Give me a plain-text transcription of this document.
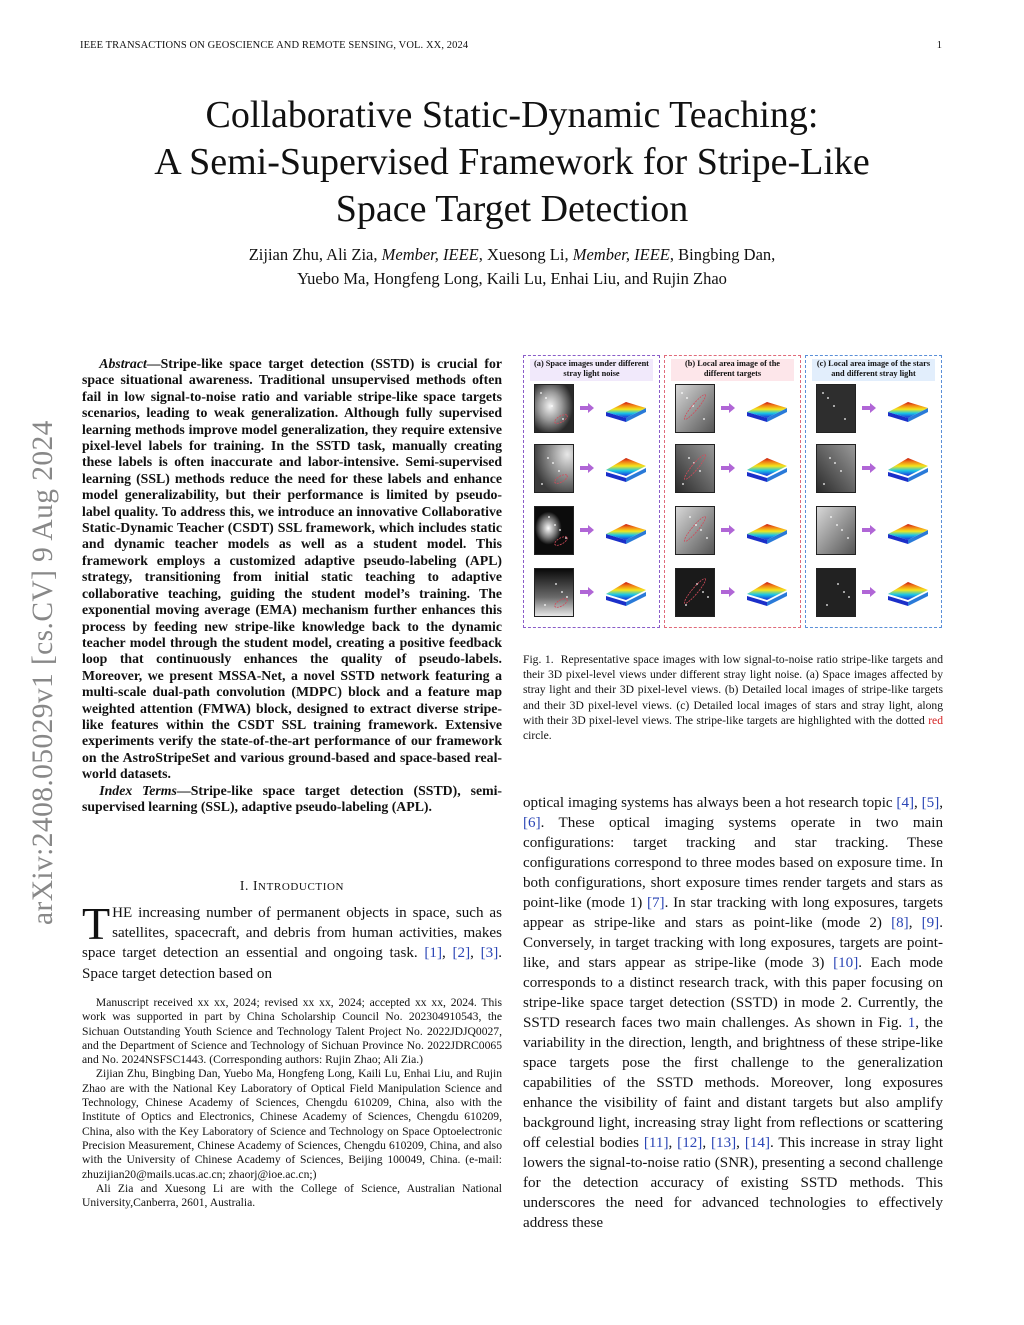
IEEE TRANSACTIONS ON GEOSCIENCE AND REMOTE SENSING, VOL. XX, 2024	1
Collaborative Static-Dynamic Teaching:
A Semi-Supervised Framework for Stripe-Like
Space Target Detection
Zijian Zhu, Ali Zia, Member, IEEE, Xuesong Li, Member, IEEE, Bingbing Dan,
Yuebo Ma, Hongfeng Long, Kaili Lu, Enhai Liu, and Rujin Zhao
arXiv:2408.05029v1 [cs.CV] 9 Aug 2024

Abstract—Stripe-like space target detection (SSTD) is crucial for space situational awareness. Traditional unsupervised methods often fail in low signal-to-noise ratio and variable stripe-like space targets scenarios, leading to weak generalization. Although fully supervised learning methods improve model generalization, they require extensive pixel-level labels for training. In the SSTD task, manually creating these labels is often inaccurate and labor-intensive. Semi-supervised learning (SSL) methods reduce the need for these labels and enhance model generalizability, but their performance is limited by pseudo-label quality. To address this, we introduce an innovative Collaborative Static-Dynamic Teacher (CSDT) SSL framework, which includes static and dynamic teacher models as well as a student model. This framework employs a customized adaptive pseudo-labeling (APL) strategy, transitioning from initial static teaching to adaptive collaborative teaching, guiding the student model’s training. The exponential moving average (EMA) mechanism further enhances this process by feeding new stripe-like knowledge back to the dynamic teacher model through the student model, creating a positive feedback loop that continuously enhances the quality of pseudo-labels. Moreover, we present MSSA-Net, a novel SSTD network featuring a multi-scale dual-path convolution (MDPC) block and a feature map weighted attention (FMWA) block, designed to extract diverse stripe-like features within the CSDT SSL training framework. Extensive experiments verify the state-of-the-art performance of our framework on the AstroStripeSet and various ground-based and space-based real-world datasets.

Index Terms—Stripe-like space target detection (SSTD), semi-supervised learning (SSL), adaptive pseudo-labeling (APL).

I. INTRODUCTION
THE increasing number of permanent objects in space, such as satellites, spacecraft, and debris from human activities, makes space target detection an essential and ongoing task. [1], [2], [3]. Space target detection based on

Manuscript received xx xx, 2024; revised xx xx, 2024; accepted xx xx, 2024. This work was supported in part by China Scholarship Council No. 202304910543, the Sichuan Outstanding Youth Science and Technology Talent Project No. 2022JDJQ0027, and the Department of Science and Technology of Sichuan Province No. 2022JDRC0065 and No. 2024NSFSC1443. (Corresponding authors: Rujin Zhao; Ali Zia.)

Zijian Zhu, Bingbing Dan, Yuebo Ma, Hongfeng Long, Kaili Lu, Enhai Liu, and Rujin Zhao are with the National Key Laboratory of Optical Field Manipulation Science and Technology, Chinese Academy of Sciences, Chengdu 610209, China, also with the Institute of Optics and Electronics, Chinese Academy of Sciences, Chengdu 610209, China, also with the Key Laboratory of Science and Technology on Space Optoelectronic Precision Measurement, Chinese Academy of Sciences, Chengdu 610209, China, and also with the University of Chinese Academy of Sciences, Beijing 100049, China. (e-mail: zhuzijian20@mails.ucas.ac.cn; zhaorj@ioe.ac.cn;)

Ali Zia and Xuesong Li are with the College of Science, Australian National University,Canberra, 2601, Australia.

(a) Space images under different stray light noise
(b) Local area image of the different targets
(c) Local area image of the stars and different stray light
Fig. 1. Representative space images with low signal-to-noise ratio stripe-like targets and their 3D pixel-level views under different stray light noise. (a) Space images affected by stray light and their 3D pixel-level views. (b) Detailed local images of stripe-like targets and their 3D pixel-level views. (c) Detailed local images of stars and stray light, along with their 3D pixel-level views. The stripe-like targets are highlighted with the dotted red circle.
optical imaging systems has always been a hot research topic [4], [5], [6]. These optical imaging systems operate in two main configurations: target tracking and star tracking. These configurations correspond to three modes based on exposure time. In both configurations, short exposure times render targets and stars as point-like (mode 1) [7]. In star tracking with long exposures, targets appear as stripe-like and stars as point-like (mode 2) [8], [9]. Conversely, in target tracking with long exposures, targets are point-like, and stars appear as stripe-like (mode 3) [10]. Each mode corresponds to a distinct research track, with this paper focusing on stripe-like space target detection (SSTD) in mode 2. Currently, the SSTD research faces two main challenges. As shown in Fig. 1, the variability in the direction, length, and brightness of these stripe-like space targets pose the first challenge to the generalization capabilities of the SSTD methods. Moreover, long exposures enhance the visibility of faint and distant targets but also amplify background light, increasing stray light from reflections or scattering off celestial bodies [11], [12], [13], [14]. This increase in stray light lowers the signal-to-noise ratio (SNR), presenting a second challenge for the detection accuracy of existing SSTD methods. This underscores the need for advanced technologies to effectively address these
